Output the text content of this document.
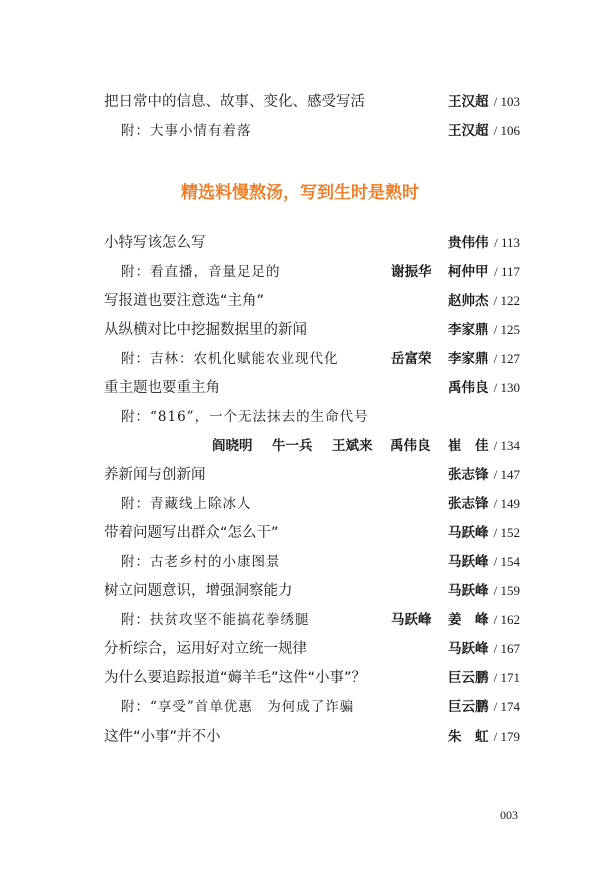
把日常中的信息、故事、变化、感受写活	王汉超 / 103
附：大事小情有着落	王汉超 / 106
精选料慢熬汤，写到生时是熟时
小特写该怎么写	贵伟伟 / 113
附：看直播，音量足足的	谢振华 柯仲甲 / 117
写报道也要注意选“主角”	赵帅杰 / 122
从纵横对比中挖掘数据里的新闻	李家鼎 / 125
附：吉林：农机化赋能农业现代化	岳富荣 李家鼎 / 127
重主题也要重主角	禹伟良 / 130
附：“816”，一个无法抹去的生命代号
阎晓明 牛一兵 王斌来 禹伟良 崔　佳 / 134
养新闻与创新闻	张志锋 / 147
附：青藏线上除冰人	张志锋 / 149
带着问题写出群众“怎么干”	马跃峰 / 152
附：古老乡村的小康图景	马跃峰 / 154
树立问题意识，增强洞察能力	马跃峰 / 159
附：扶贫攻坚不能搞花拳绣腿	马跃峰 姜　峰 / 162
分析综合，运用好对立统一规律	马跃峰 / 167
为什么要追踪报道“薅羊毛”这件“小事”？	巨云鹏 / 171
附：“享受”首单优惠　为何成了诈骗	巨云鹏 / 174
这件“小事”并不小	朱　虹 / 179
003
